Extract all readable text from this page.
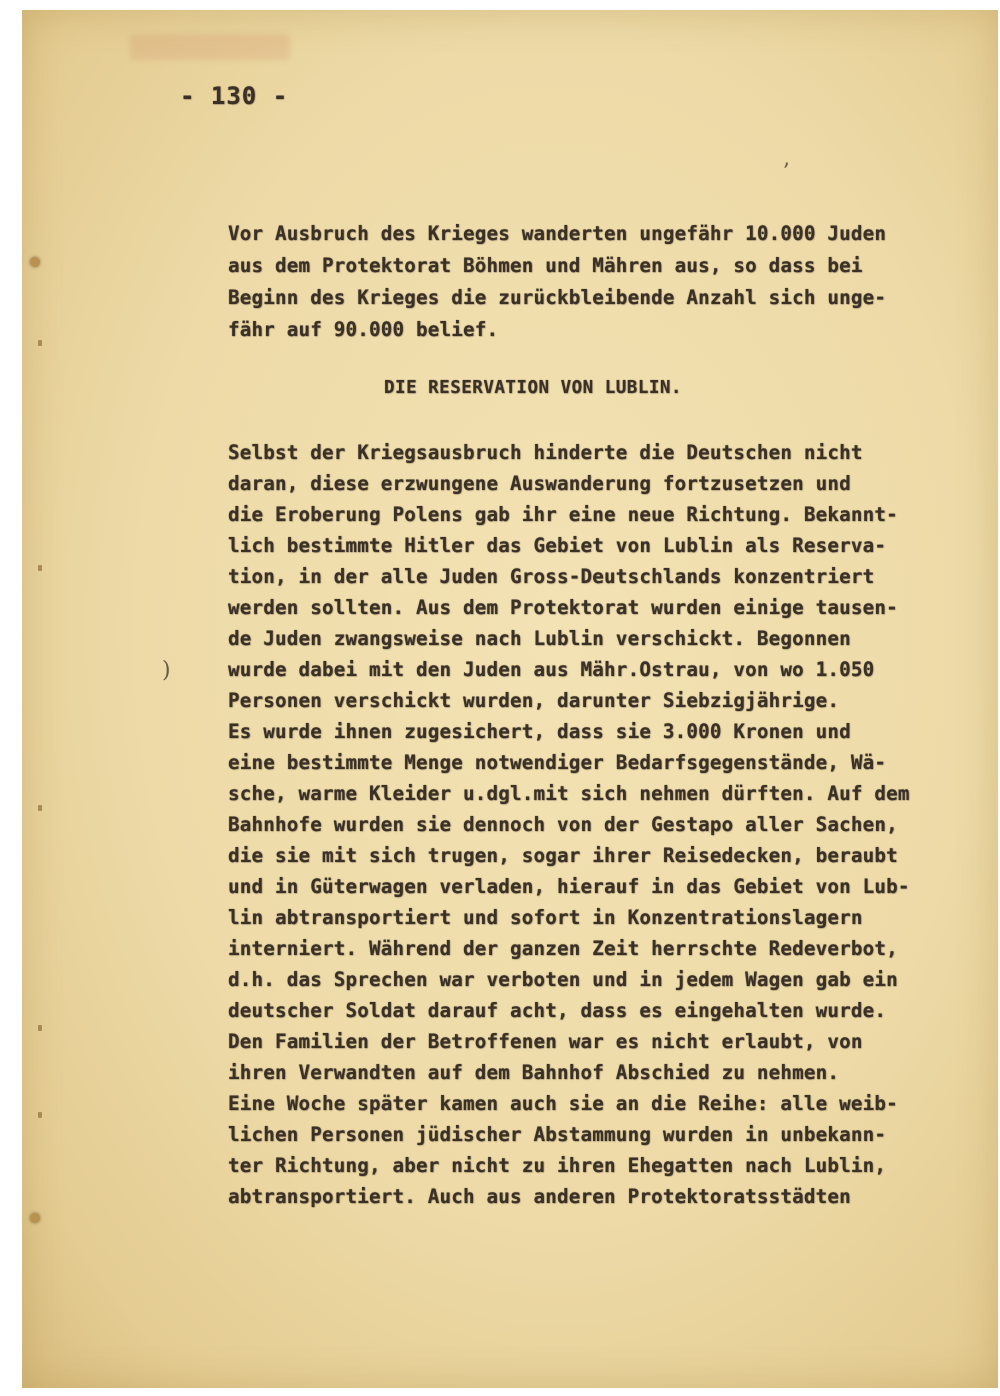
)
ʼ
- 130 -
Vor Ausbruch des Krieges wanderten ungefähr 10.000 Juden
aus dem Protektorat Böhmen und Mähren aus, so dass bei
Beginn des Krieges die zurückbleibende Anzahl sich unge-
fähr auf 90.000 belief.
DIE RESERVATION VON LUBLIN.
Selbst der Kriegsausbruch hinderte die Deutschen nicht
daran, diese erzwungene Auswanderung fortzusetzen und
die Eroberung Polens gab ihr eine neue Richtung. Bekannt-
lich bestimmte Hitler das Gebiet von Lublin als Reserva-
tion, in der alle Juden Gross-Deutschlands konzentriert
werden sollten. Aus dem Protektorat wurden einige tausen-
de Juden zwangsweise nach Lublin verschickt. Begonnen
wurde dabei mit den Juden aus Mähr.Ostrau, von wo 1.050
Personen verschickt wurden, darunter Siebzigjährige.
Es wurde ihnen zugesichert, dass sie 3.000 Kronen und
eine bestimmte Menge notwendiger Bedarfsgegenstände, Wä-
sche, warme Kleider u.dgl.mit sich nehmen dürften. Auf dem
Bahnhofe wurden sie dennoch von der Gestapo aller Sachen,
die sie mit sich trugen, sogar ihrer Reisedecken, beraubt
und in Güterwagen verladen, hierauf in das Gebiet von Lub-
lin abtransportiert und sofort in Konzentrationslagern
interniert. Während der ganzen Zeit herrschte Redeverbot,
d.h. das Sprechen war verboten und in jedem Wagen gab ein
deutscher Soldat darauf acht, dass es eingehalten wurde.
Den Familien der Betroffenen war es nicht erlaubt, von
ihren Verwandten auf dem Bahnhof Abschied zu nehmen.
Eine Woche später kamen auch sie an die Reihe: alle weib-
lichen Personen jüdischer Abstammung wurden in unbekann-
ter Richtung, aber nicht zu ihren Ehegatten nach Lublin,
abtransportiert. Auch aus anderen Protektoratsstädten
